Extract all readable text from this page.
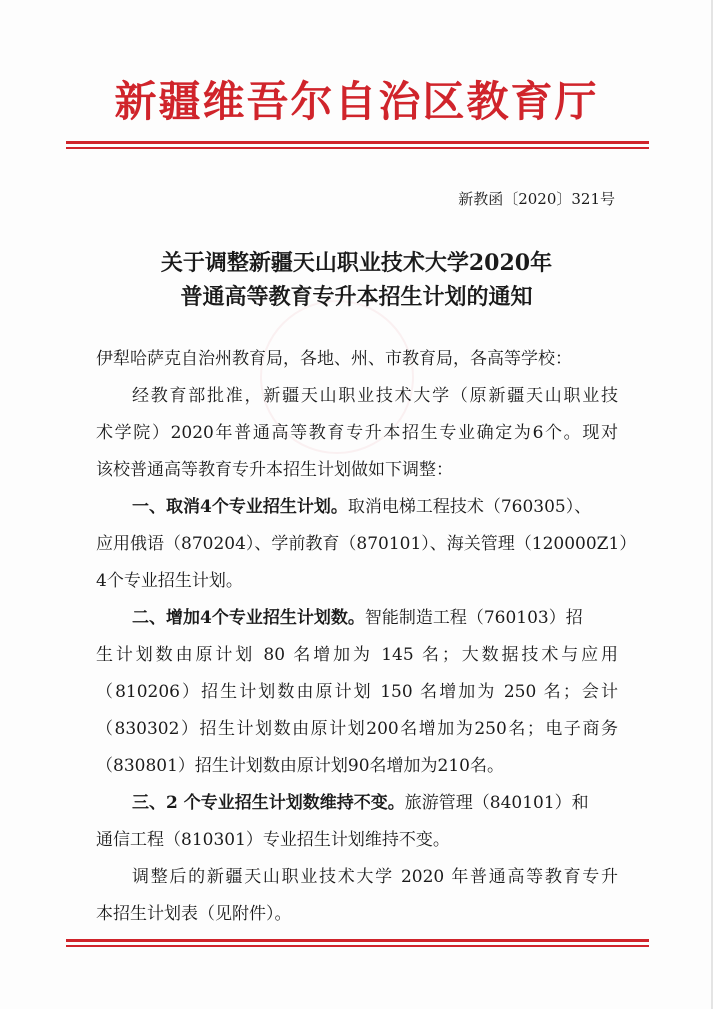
新疆维吾尔自治区教育厅
新教函〔2020〕321号
关于调整新疆天山职业技术大学2020年
普通高等教育专升本招生计划的通知
伊犁哈萨克自治州教育局，各地、州、市教育局，各高等学校：
经教育部批准，新疆天山职业技术大学（原新疆天山职业技
术学院）2020年普通高等教育专升本招生专业确定为6个。现对
该校普通高等教育专升本招生计划做如下调整：
一、取消4个专业招生计划。取消电梯工程技术（760305）、
应用俄语（870204）、学前教育（870101）、海关管理（120000Z1）
4个专业招生计划。
二、增加4个专业招生计划数。智能制造工程（760103）招
生计划数由原计划 80 名增加为 145 名；大数据技术与应用
（810206）招生计划数由原计划 150 名增加为 250 名；会计
（830302）招生计划数由原计划200名增加为250名；电子商务
（830801）招生计划数由原计划90名增加为210名。
三、2 个专业招生计划数维持不变。旅游管理（840101）和
通信工程（810301）专业招生计划维持不变。
调整后的新疆天山职业技术大学 2020 年普通高等教育专升
本招生计划表（见附件）。
